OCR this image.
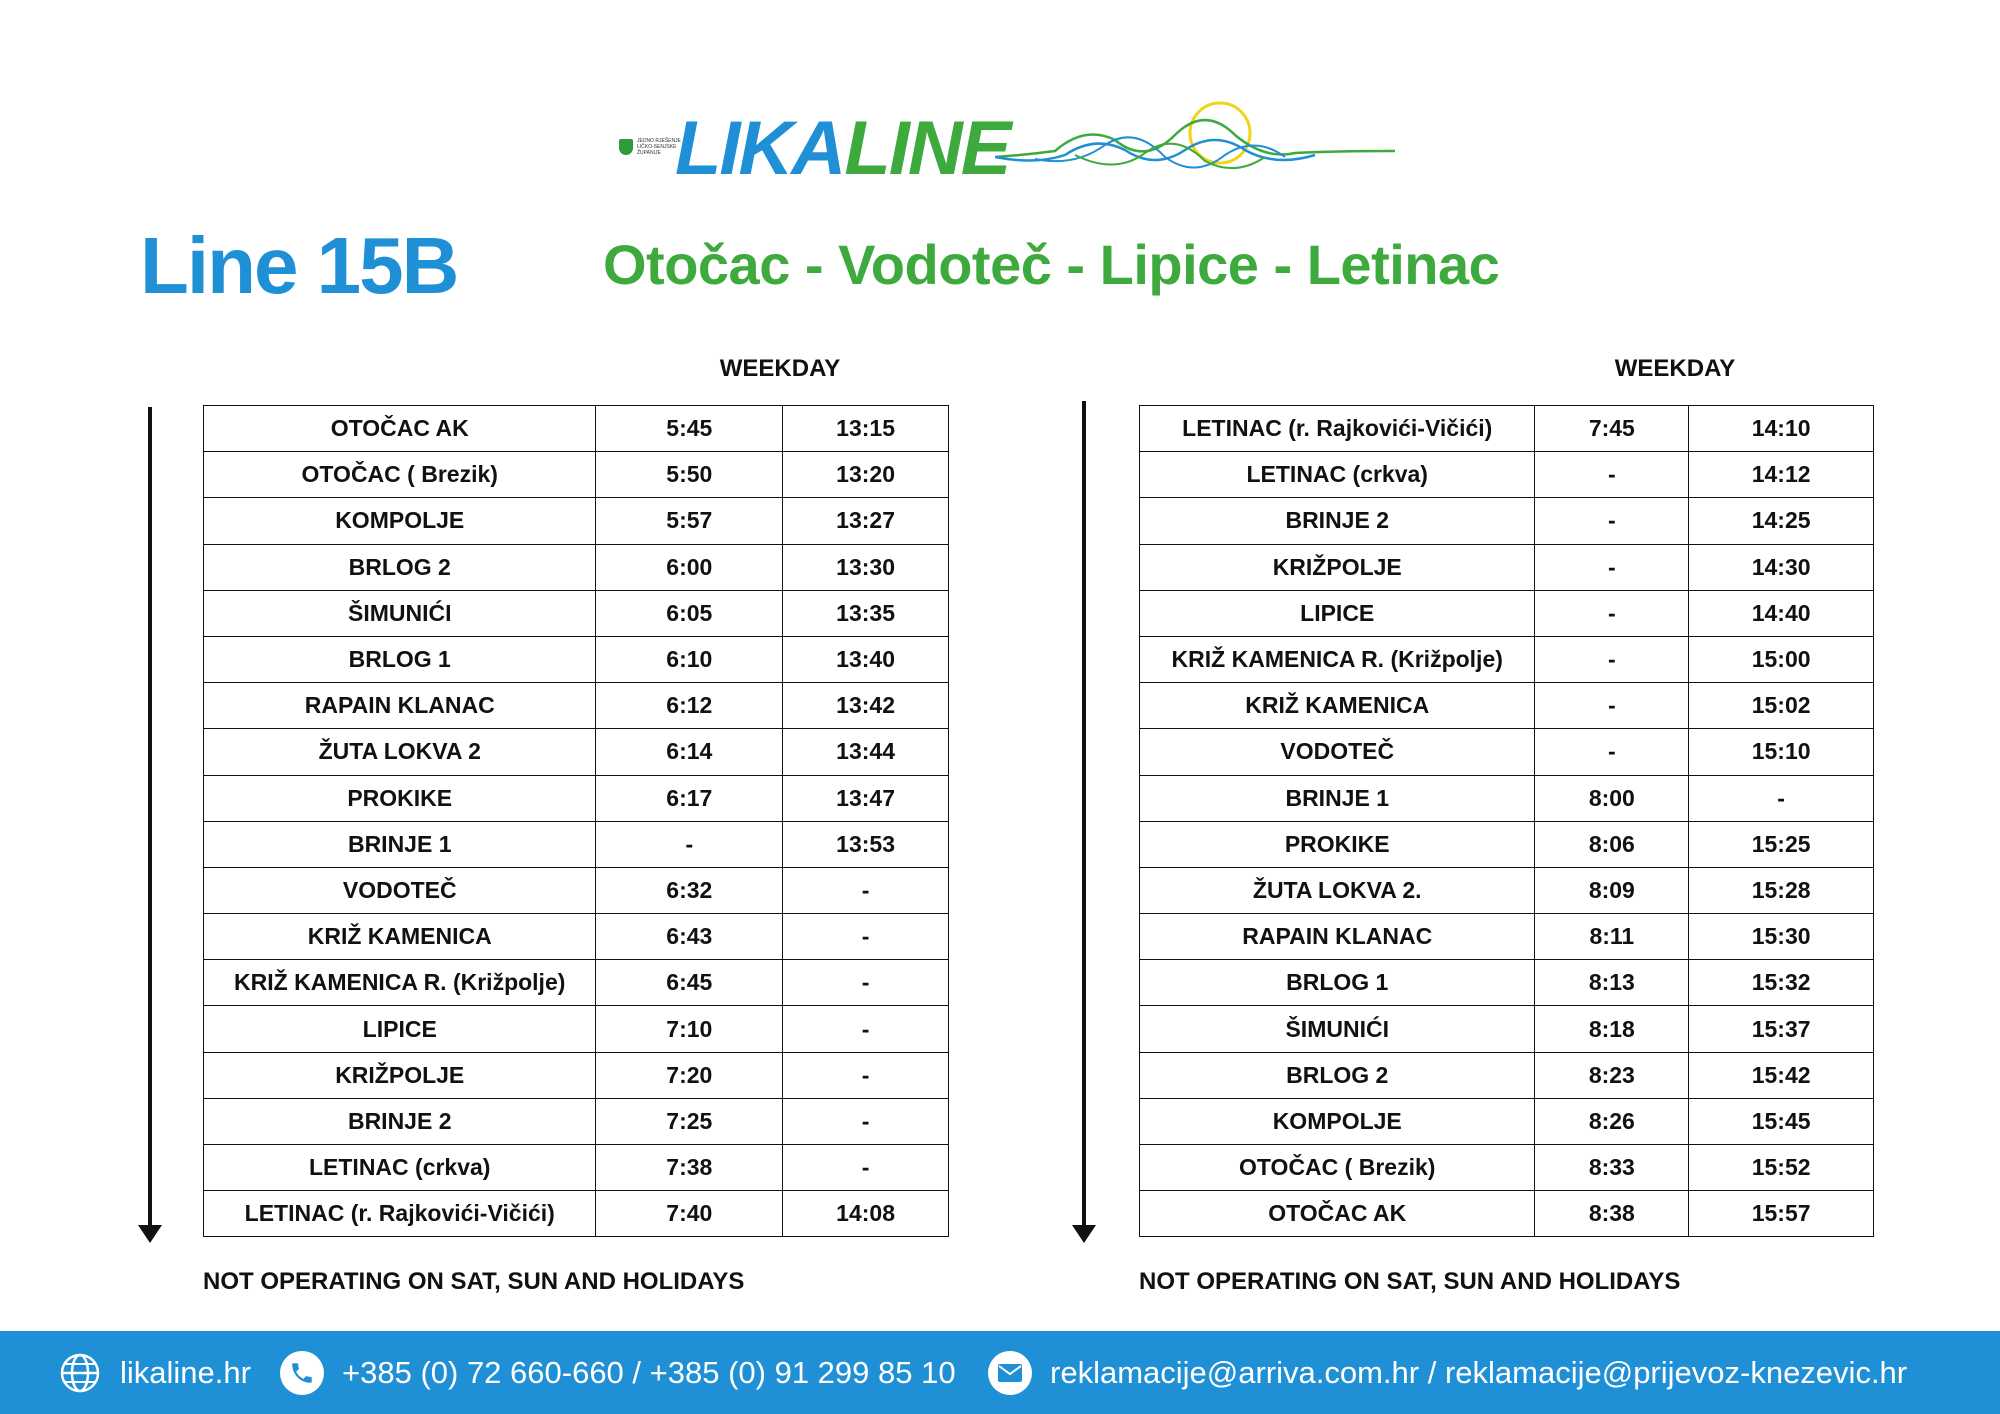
JEDNO RJEŠENJE LIČKO-SENJSKE ŽUPANIJE LIKALINE
Line 15B	Otočac - Vodoteč - Lipice - Letinac
WEEKDAY
OTOČAC AK	5:45	13:15
OTOČAC ( Brezik)	5:50	13:20
KOMPOLJE	5:57	13:27
BRLOG 2	6:00	13:30
ŠIMUNIĆI	6:05	13:35
BRLOG 1	6:10	13:40
RAPAIN KLANAC	6:12	13:42
ŽUTA LOKVA 2	6:14	13:44
PROKIKE	6:17	13:47
BRINJE 1	-	13:53
VODOTEČ	6:32	-
KRIŽ KAMENICA	6:43	-
KRIŽ KAMENICA R. (Križpolje)	6:45	-
LIPICE	7:10	-
KRIŽPOLJE	7:20	-
BRINJE 2	7:25	-
LETINAC (crkva)	7:38	-
LETINAC (r. Rajkovići-Vičići)	7:40	14:08
NOT OPERATING ON SAT, SUN AND HOLIDAYS
WEEKDAY
LETINAC (r. Rajkovići-Vičići)	7:45	14:10
LETINAC (crkva)	-	14:12
BRINJE 2	-	14:25
KRIŽPOLJE	-	14:30
LIPICE	-	14:40
KRIŽ KAMENICA R. (Križpolje)	-	15:00
KRIŽ KAMENICA	-	15:02
VODOTEČ	-	15:10
BRINJE 1	8:00	-
PROKIKE	8:06	15:25
ŽUTA LOKVA 2.	8:09	15:28
RAPAIN KLANAC	8:11	15:30
BRLOG 1	8:13	15:32
ŠIMUNIĆI	8:18	15:37
BRLOG 2	8:23	15:42
KOMPOLJE	8:26	15:45
OTOČAC ( Brezik)	8:33	15:52
OTOČAC AK	8:38	15:57
NOT OPERATING ON SAT, SUN AND HOLIDAYS
likaline.hr	+385 (0) 72 660-660 / +385 (0) 91 299 85 10	reklamacije@arriva.com.hr / reklamacije@prijevoz-knezevic.hr
